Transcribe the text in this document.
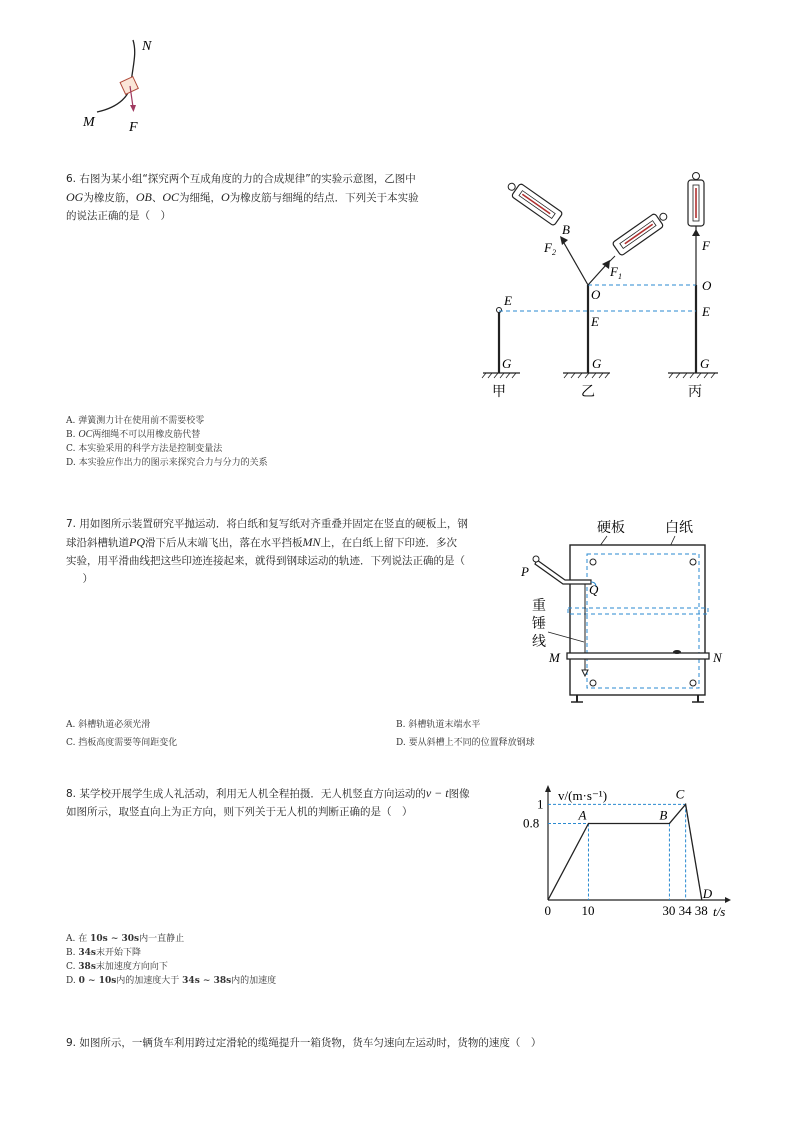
N
M F
6. 右图为某小组“探究两个互成角度的力的合成规律”的实验示意图，乙图中
OG为橡皮筋，OB、OC为细绳，O为橡皮筋与细绳的结点．下列关于本实验
的说法正确的是（　）
B
$F_2$
$F_1$
O
E
E
G	G	G
F
O
E
甲	乙	丙
A. 弹簧测力计在使用前不需要校零
B. OC两细绳不可以用橡皮筋代替
C. 本实验采用的科学方法是控制变量法
D. 本实验应作出力的图示来探究合力与分力的关系
7. 用如图所示装置研究平抛运动．将白纸和复写纸对齐重叠并固定在竖直的硬板上，钢
球沿斜槽轨道PQ滑下后从末端飞出，落在水平挡板MN上，在白纸上留下印迹．多次
实验，用平滑曲线把这些印迹连接起来，就得到钢球运动的轨迹．下列说法正确的是（
　）
硬板	白纸
P
Q
重
锤
线
M	N
A. 斜槽轨道必须光滑	B. 斜槽轨道末端水平
C. 挡板高度需要等间距变化	D. 要从斜槽上不同的位置释放钢球
8. 某学校开展学生成人礼活动，利用无人机全程拍摄．无人机竖直方向运动的v − t图像
如图所示，取竖直向上为正方向，则下列关于无人机的判断正确的是（　）	A	B
C
D
0 10	30 34 38
0.8
1
v/(m·s⁻¹)
t/s
A. 在 10s ∼ 30s内一直静止
B. 34s末开始下降
C. 38s末加速度方向向下
D. 0 ∼ 10s内的加速度大于 34s ∼ 38s内的加速度
9. 如图所示，一辆货车利用跨过定滑轮的缆绳提升一箱货物，货车匀速向左运动时，货物的速度（　）
